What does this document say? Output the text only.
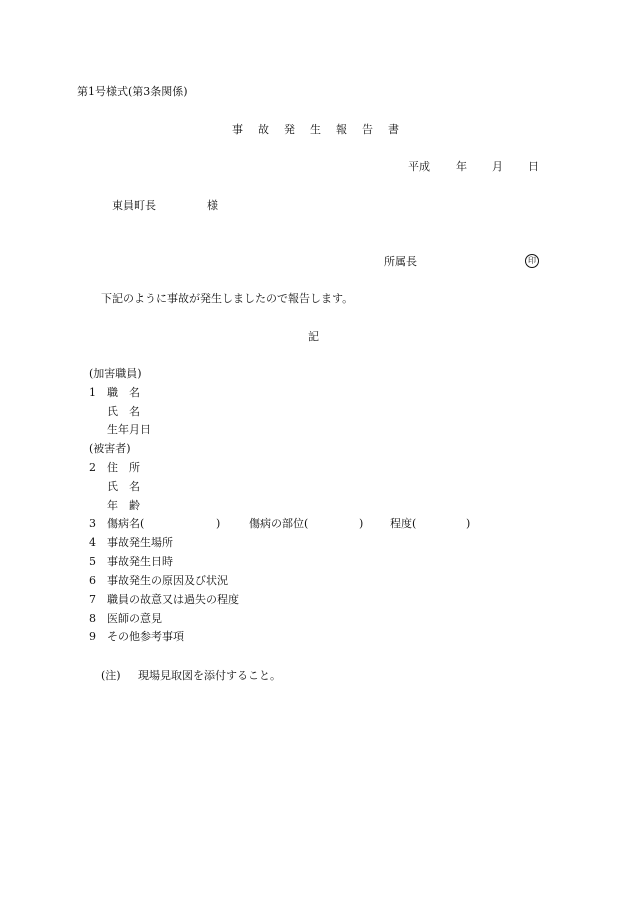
第1号様式(第3条関係)
事故発生報告書
平成 年 月 日
東員町長	様
所属長	印
下記のように事故が発生しましたので報告します。
記
(加害職員)
1 職　名
氏　名
生年月日
(被害者)
2 住　所
氏　名
年　齢
3 傷病名(	)	傷病の部位(	) 程度(	)
4 事故発生場所
5 事故発生日時
6 事故発生の原因及び状況
7 職員の故意又は過失の程度
8 医師の意見
9 その他参考事項
(注) 現場見取図を添付すること。
